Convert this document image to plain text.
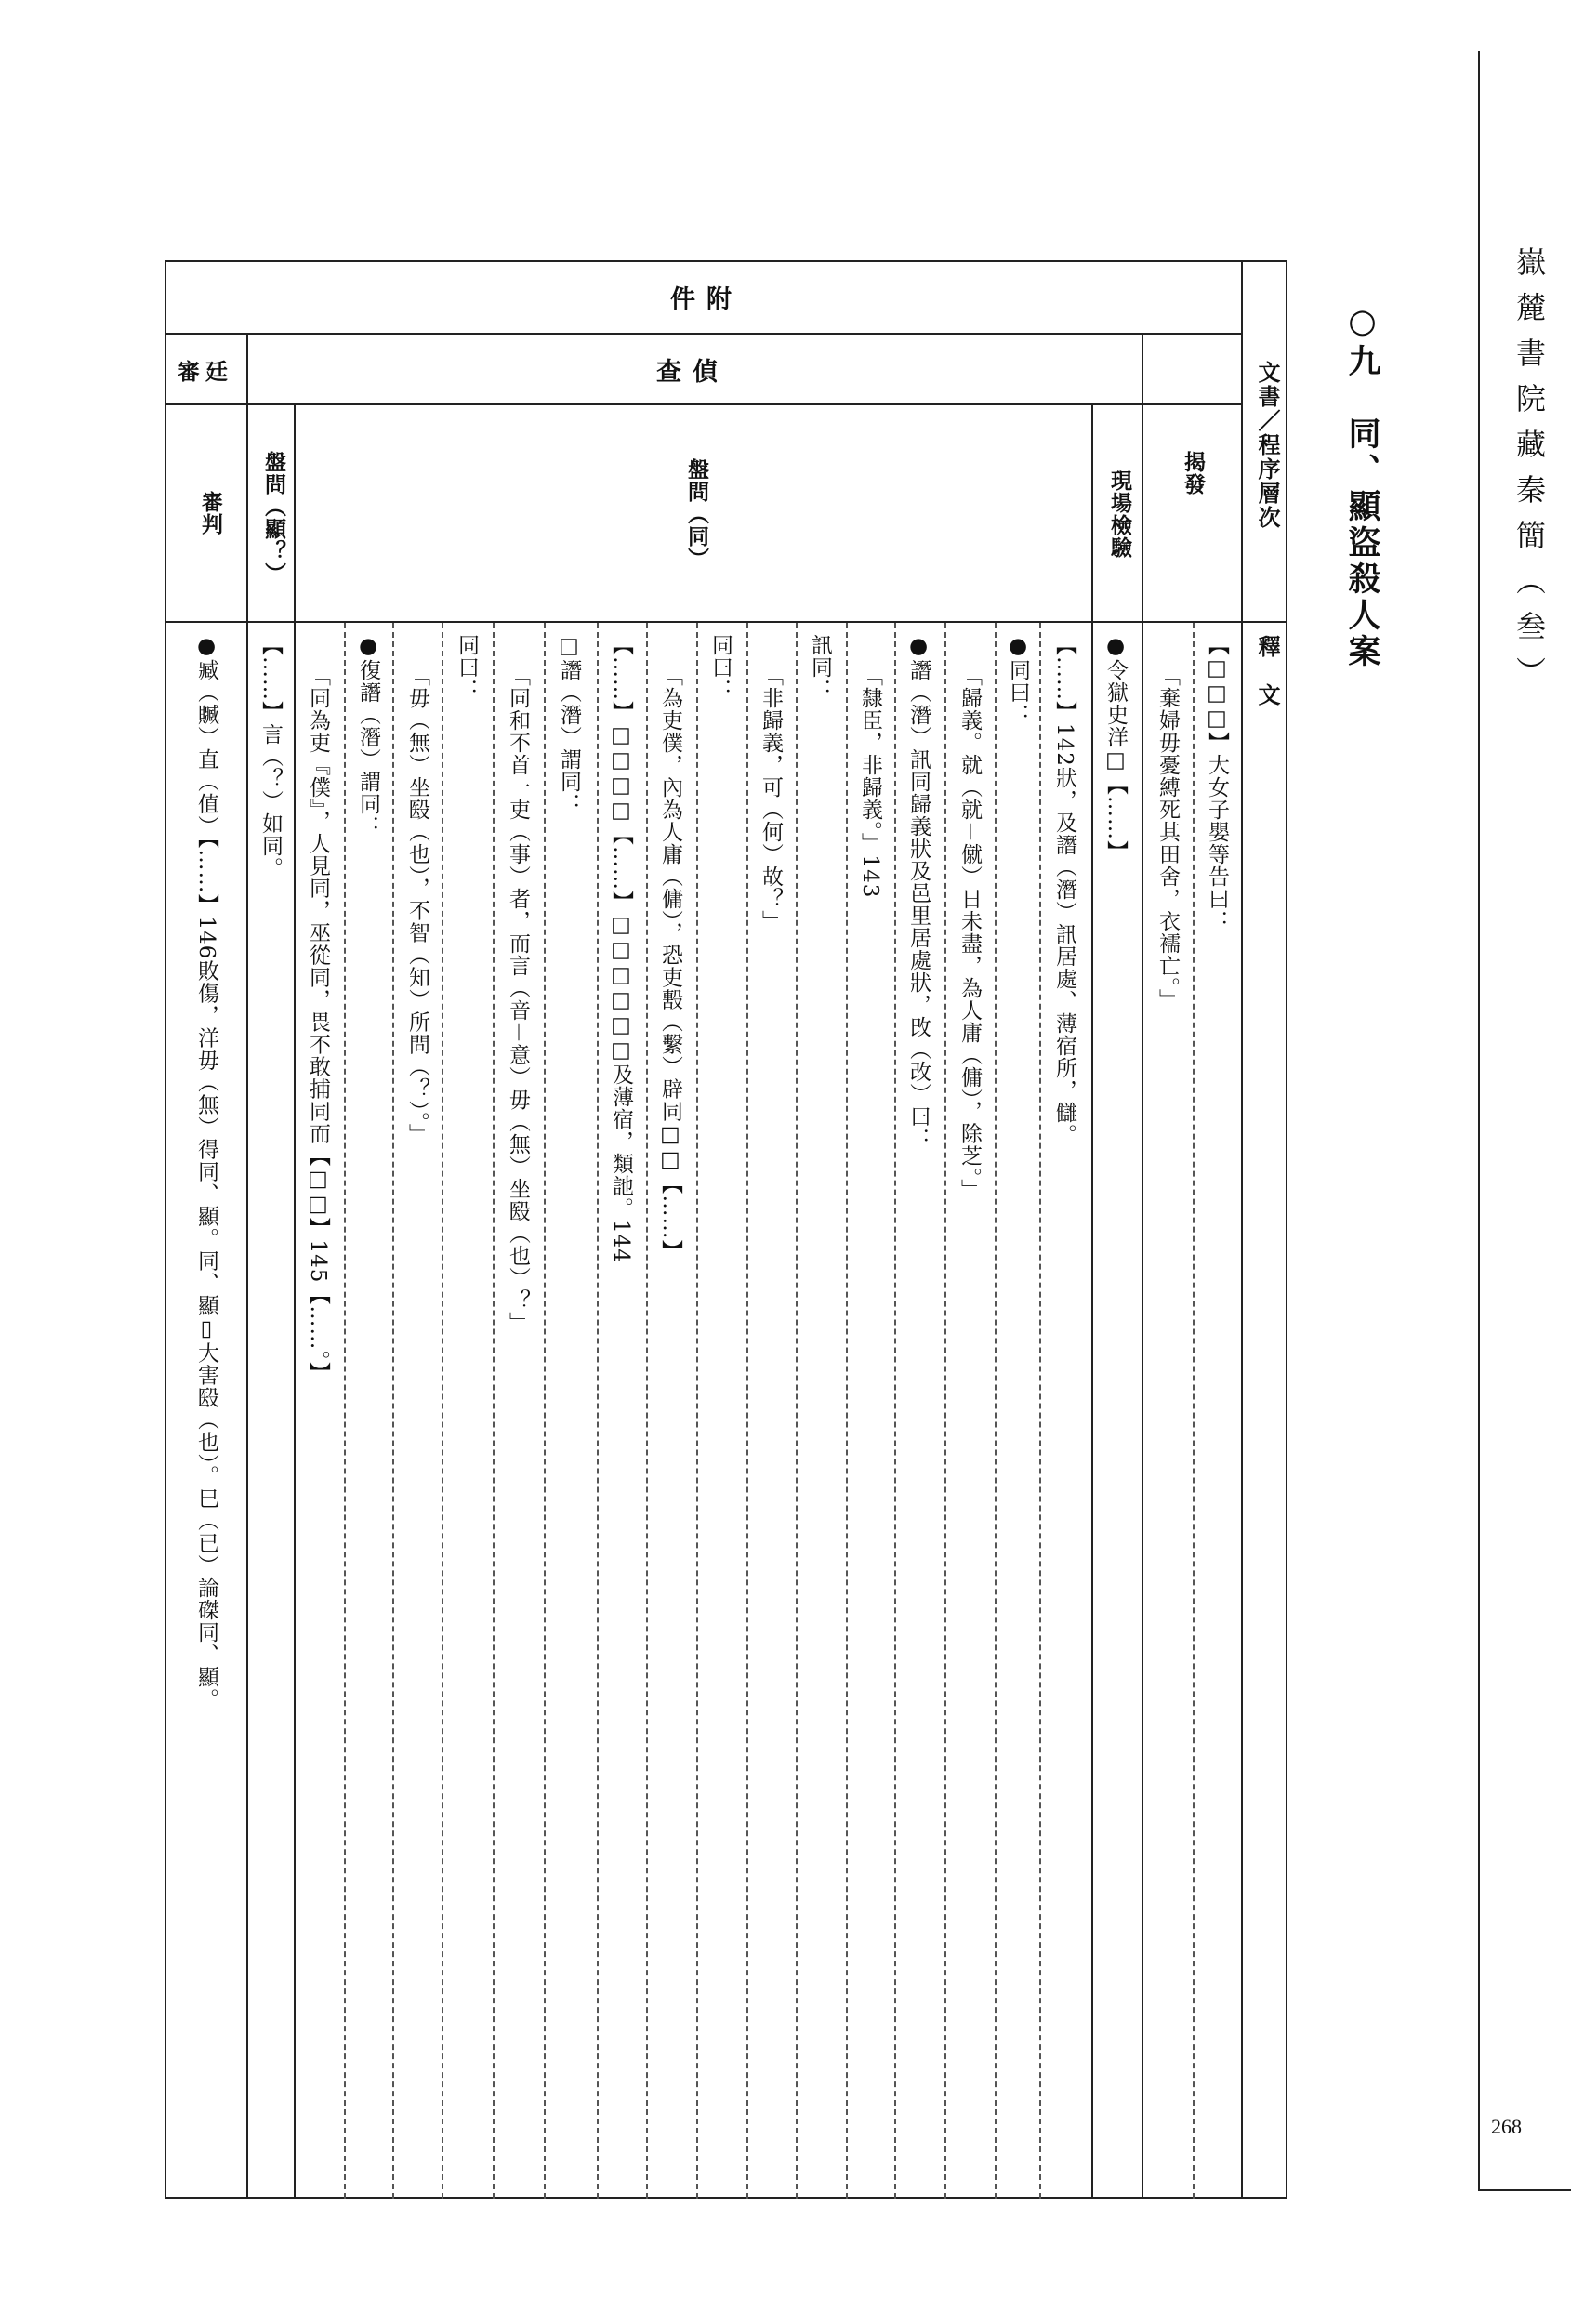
嶽麓書院藏秦簡（叁）
268
○九　同、顯盜殺人案
文書／程序層次
釋　文
件附
查偵
審廷
揭發
現場檢驗
盤問（同）
盤問（顯？）
審判
【□□□】大女子嬰等告曰：
「棄婦毋憂縛死其田舍，衣襦亡。」
●令獄史洋□【……】
【……】142狀，及譖（潛）訊居處、薄宿所，讎。
●同曰：
「歸義。就（就－僦）日未盡，為人庸（傭），除芝。」
●譖（潛）訊同歸義狀及邑里居處狀，攺（改）曰：
「隸臣，非歸義。」143
訊同：
「非歸義，可（何）故？」
同曰：
「為吏僕，內為人庸（傭），恐吏毄（繫）辟同□□【……】
【……】□□□□【……】□□□□□□及薄宿，類訑。144
□譖（潛）謂同：
「同和不首一吏（事）者，而言（音－意）毋（無）坐殹（也）？」
同曰：
「毋（無）坐殹（也），不智（知）所問（？）。」
●復譖（潛）謂同：
「同為吏『僕』，人見同，巫從同，畏不敢捕同而【□□】145【……。】
【……】言（？）如同。
●臧（贓）直（值）【……】146敗傷，洋毋（無）得同、顯。同、顯▯大害殹（也）。巳（已）論磔同、顯。
